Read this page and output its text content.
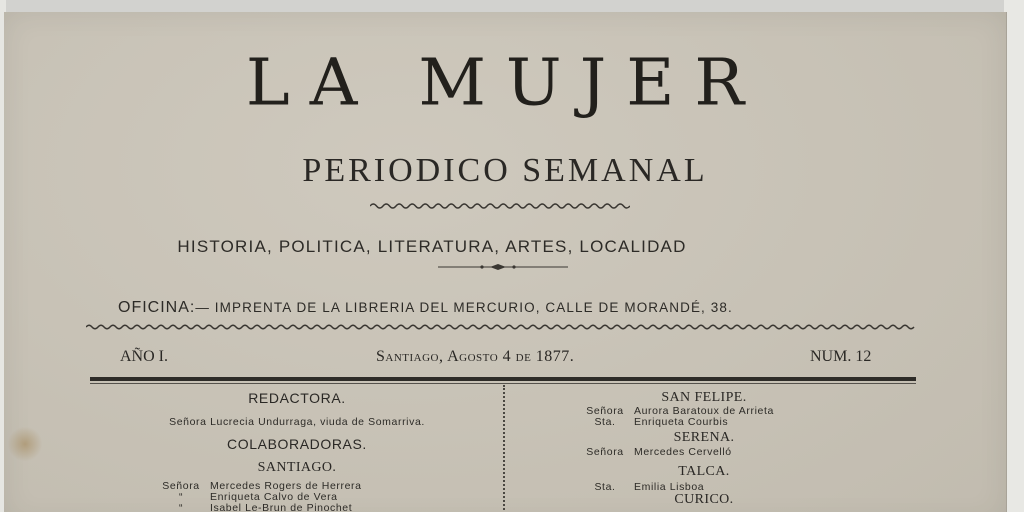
LA MUJER
PERIODICO SEMANAL
HISTORIA, POLITICA, LITERATURA, ARTES, LOCALIDAD
OFICINA:— IMPRENTA DE LA LIBRERIA DEL MERCURIO, CALLE DE MORANDÉ, 38.
AÑO I.	Santiago, Agosto 4 de 1877.	NUM. 12
REDACTORA.
Señora Lucrecia Undurraga, viuda de Somarriva.
COLABORADORAS.
SANTIAGO.
Señora Mercedes Rogers de Herrera
“	Enriqueta Calvo de Vera
“	Isabel Le-Brun de Pinochet
SAN FELIPE.
Señora Aurora Baratoux de Arrieta
Sta. Enriqueta Courbis
SERENA.
Señora Mercedes Cervelló
TALCA.
Sta. Emilia Lisboa
CURICO.
